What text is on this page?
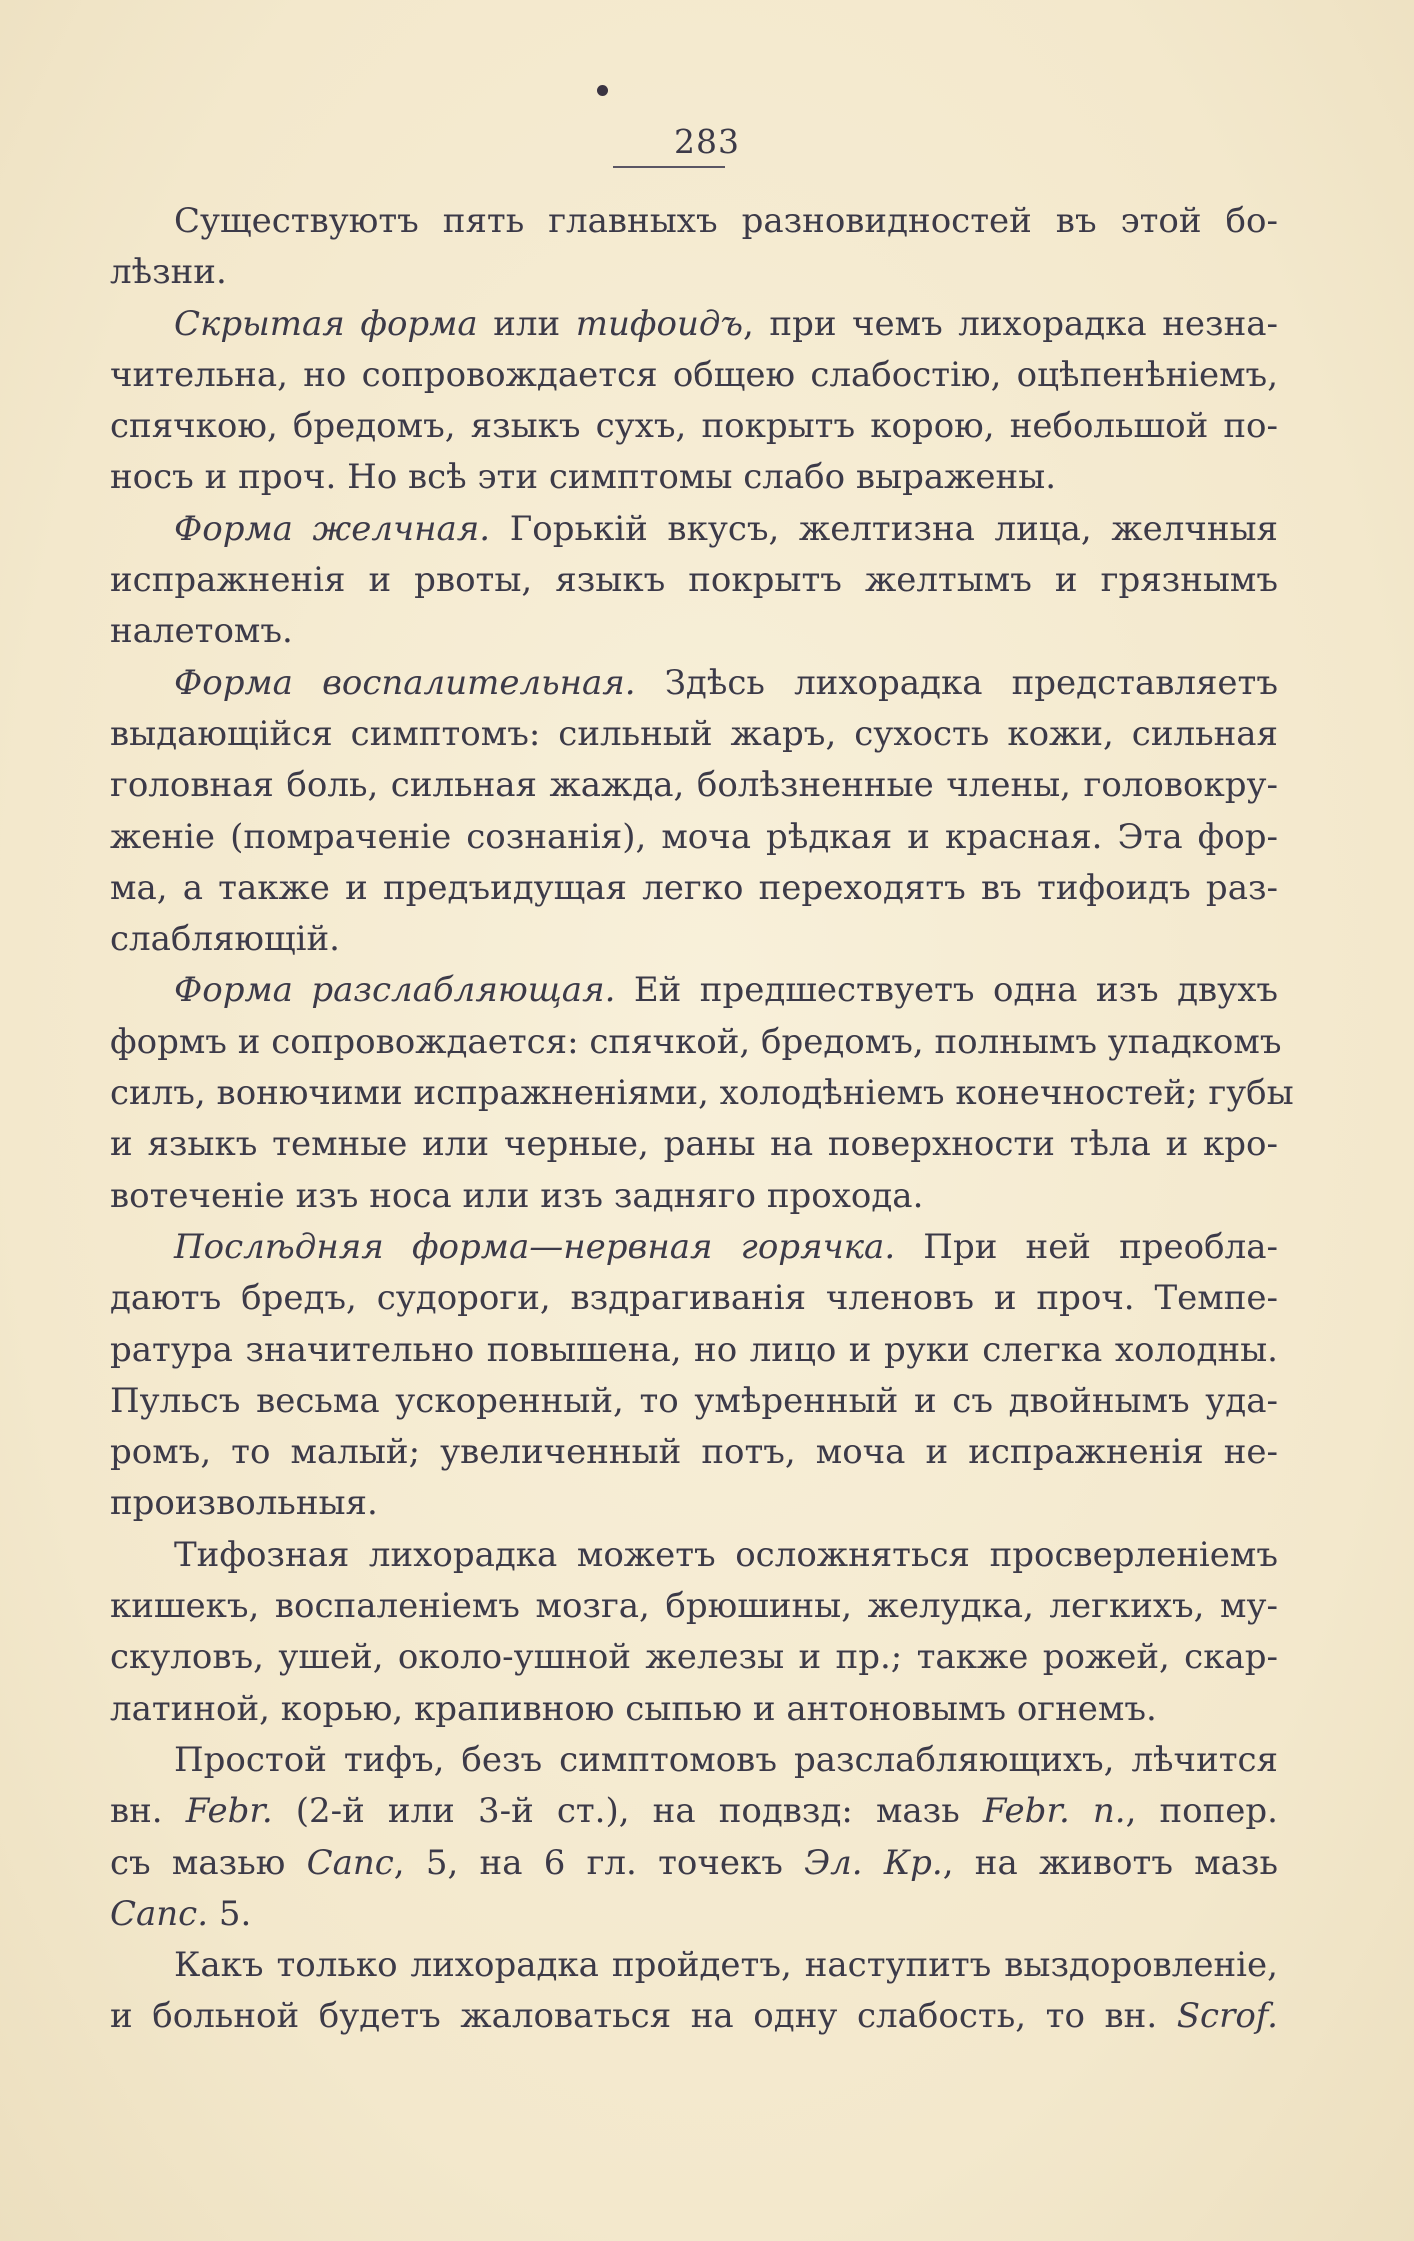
283
Существуютъ пять главныхъ разновидностей въ этой бо-
лѣзни.
Скрытая форма или тифоидъ, при чемъ лихорадка незна-
чительна, но сопровождается общею слабостію, оцѣпенѣніемъ,
спячкою, бредомъ, языкъ сухъ, покрытъ корою, небольшой по-
носъ и проч. Но всѣ эти симптомы слабо выражены.
Форма желчная. Горькій вкусъ, желтизна лица, желчныя
испражненія и рвоты, языкъ покрытъ желтымъ и грязнымъ
налетомъ.
Форма воспалительная. Здѣсь лихорадка представляетъ
выдающійся симптомъ: сильный жаръ, сухость кожи, сильная
головная боль, сильная жажда, болѣзненные члены, головокру-
женіе (помраченіе сознанія), моча рѣдкая и красная. Эта фор-
ма, а также и предъидущая легко переходятъ въ тифоидъ раз-
слабляющій.
Форма разслабляющая. Ей предшествуетъ одна изъ двухъ
формъ и сопровождается: спячкой, бредомъ, полнымъ упадкомъ
силъ, вонючими испражненіями, холодѣніемъ конечностей; губы
и языкъ темные или черные, раны на поверхности тѣла и кро-
вотеченіе изъ носа или изъ задняго прохода.
Послѣдняя форма—нервная горячка. При ней преобла-
даютъ бредъ, судороги, вздрагиванія членовъ и проч. Темпе-
ратура значительно повышена, но лицо и руки слегка холодны.
Пульсъ весьма ускоренный, то умѣренный и съ двойнымъ уда-
ромъ, то малый; увеличенный потъ, моча и испражненія не-
произвольныя.
Тифозная лихорадка можетъ осложняться просверленіемъ
кишекъ, воспаленіемъ мозга, брюшины, желудка, легкихъ, му-
скуловъ, ушей, около-ушной железы и пр.; также рожей, скар-
латиной, корью, крапивною сыпью и антоновымъ огнемъ.
Простой тифъ, безъ симптомовъ разслабляющихъ, лѣчится
вн. Febr. (2-й или 3-й ст.), на подвзд: мазь Febr. n., попер.
съ мазью Canc, 5, на 6 гл. точекъ Эл. Кр., на животъ мазь
Canc. 5.
Какъ только лихорадка пройдетъ, наступитъ выздоровленіе,
и больной будетъ жаловаться на одну слабость, то вн. Scrof.
